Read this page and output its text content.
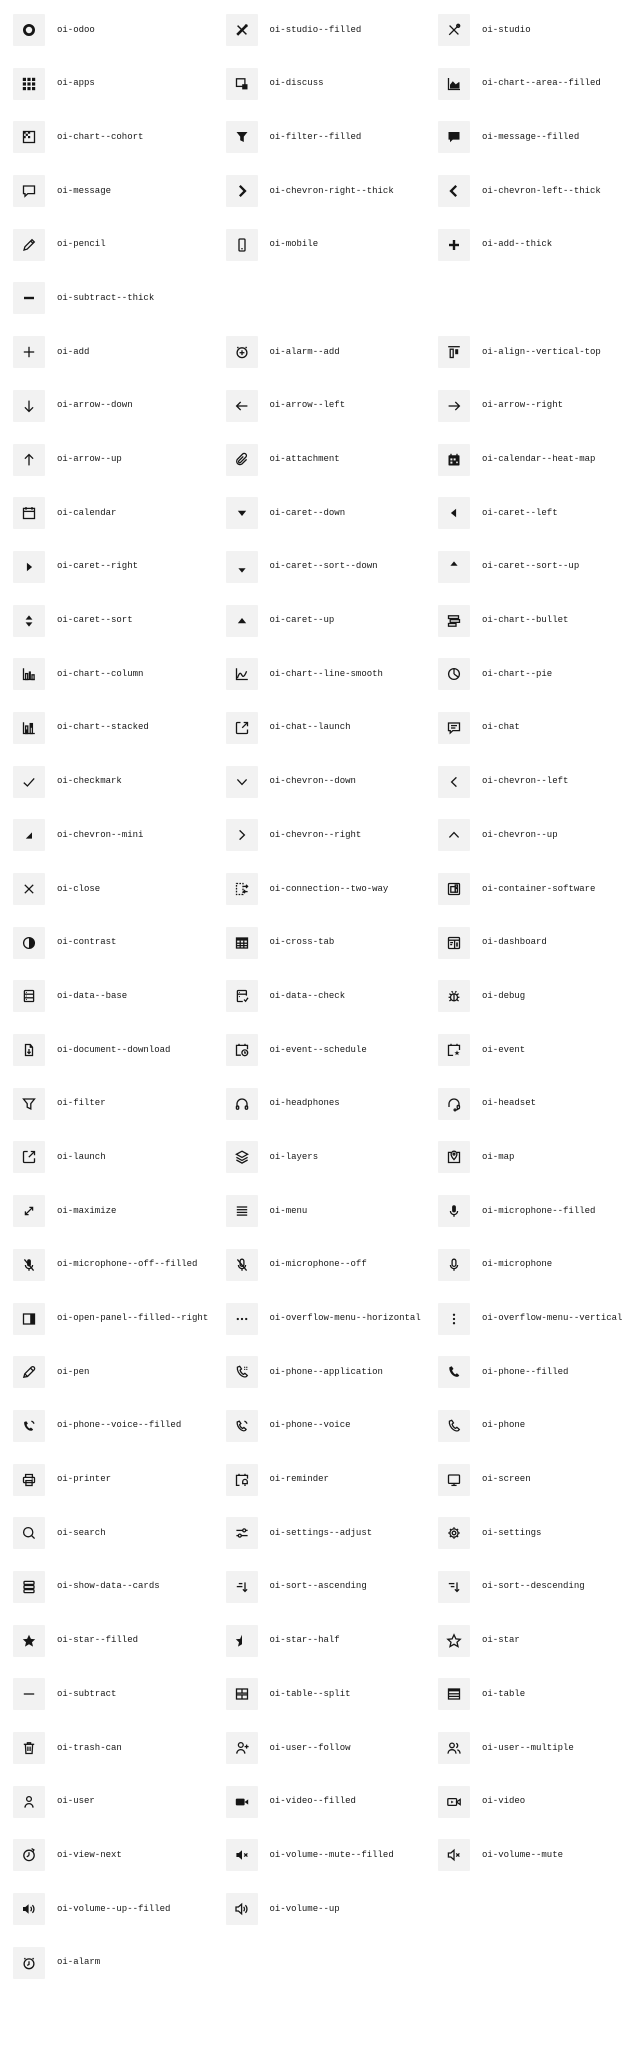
oi-odoo	oi-studio--filled	oi-studio
oi-apps	oi-discuss	oi-chart--area--filled
oi-chart--cohort	oi-filter--filled	oi-message--filled
oi-message	oi-chevron-right--thick	oi-chevron-left--thick
oi-pencil	oi-mobile	oi-add--thick
oi-subtract--thick
oi-add	oi-alarm--add	oi-align--vertical-top
oi-arrow--down	oi-arrow--left	oi-arrow--right
oi-arrow--up	oi-attachment	oi-calendar--heat-map
oi-calendar	oi-caret--down	oi-caret--left
oi-caret--right	oi-caret--sort--down	oi-caret--sort--up
oi-caret--sort	oi-caret--up	oi-chart--bullet
oi-chart--column	oi-chart--line-smooth	oi-chart--pie
oi-chart--stacked	oi-chat--launch	oi-chat
oi-checkmark	oi-chevron--down	oi-chevron--left
oi-chevron--mini	oi-chevron--right	oi-chevron--up
oi-close	oi-connection--two-way	oi-container-software
oi-contrast	oi-cross-tab	oi-dashboard
oi-data--base	oi-data--check	oi-debug
oi-document--download	oi-event--schedule	oi-event
oi-filter	oi-headphones	oi-headset
oi-launch	oi-layers	oi-map
oi-maximize	oi-menu	oi-microphone--filled
oi-microphone--off--filled	oi-microphone--off	oi-microphone
oi-open-panel--filled--right	oi-overflow-menu--horizontal	oi-overflow-menu--vertical
oi-pen	oi-phone--application	oi-phone--filled
oi-phone--voice--filled	oi-phone--voice	oi-phone
oi-printer	oi-reminder	oi-screen
oi-search	oi-settings--adjust	oi-settings
oi-show-data--cards	oi-sort--ascending	oi-sort--descending
oi-star--filled	oi-star--half	oi-star
oi-subtract	oi-table--split	oi-table
oi-trash-can	oi-user--follow	oi-user--multiple
oi-user	oi-video--filled	oi-video
oi-view-next	oi-volume--mute--filled	oi-volume--mute
oi-volume--up--filled	oi-volume--up
oi-alarm
